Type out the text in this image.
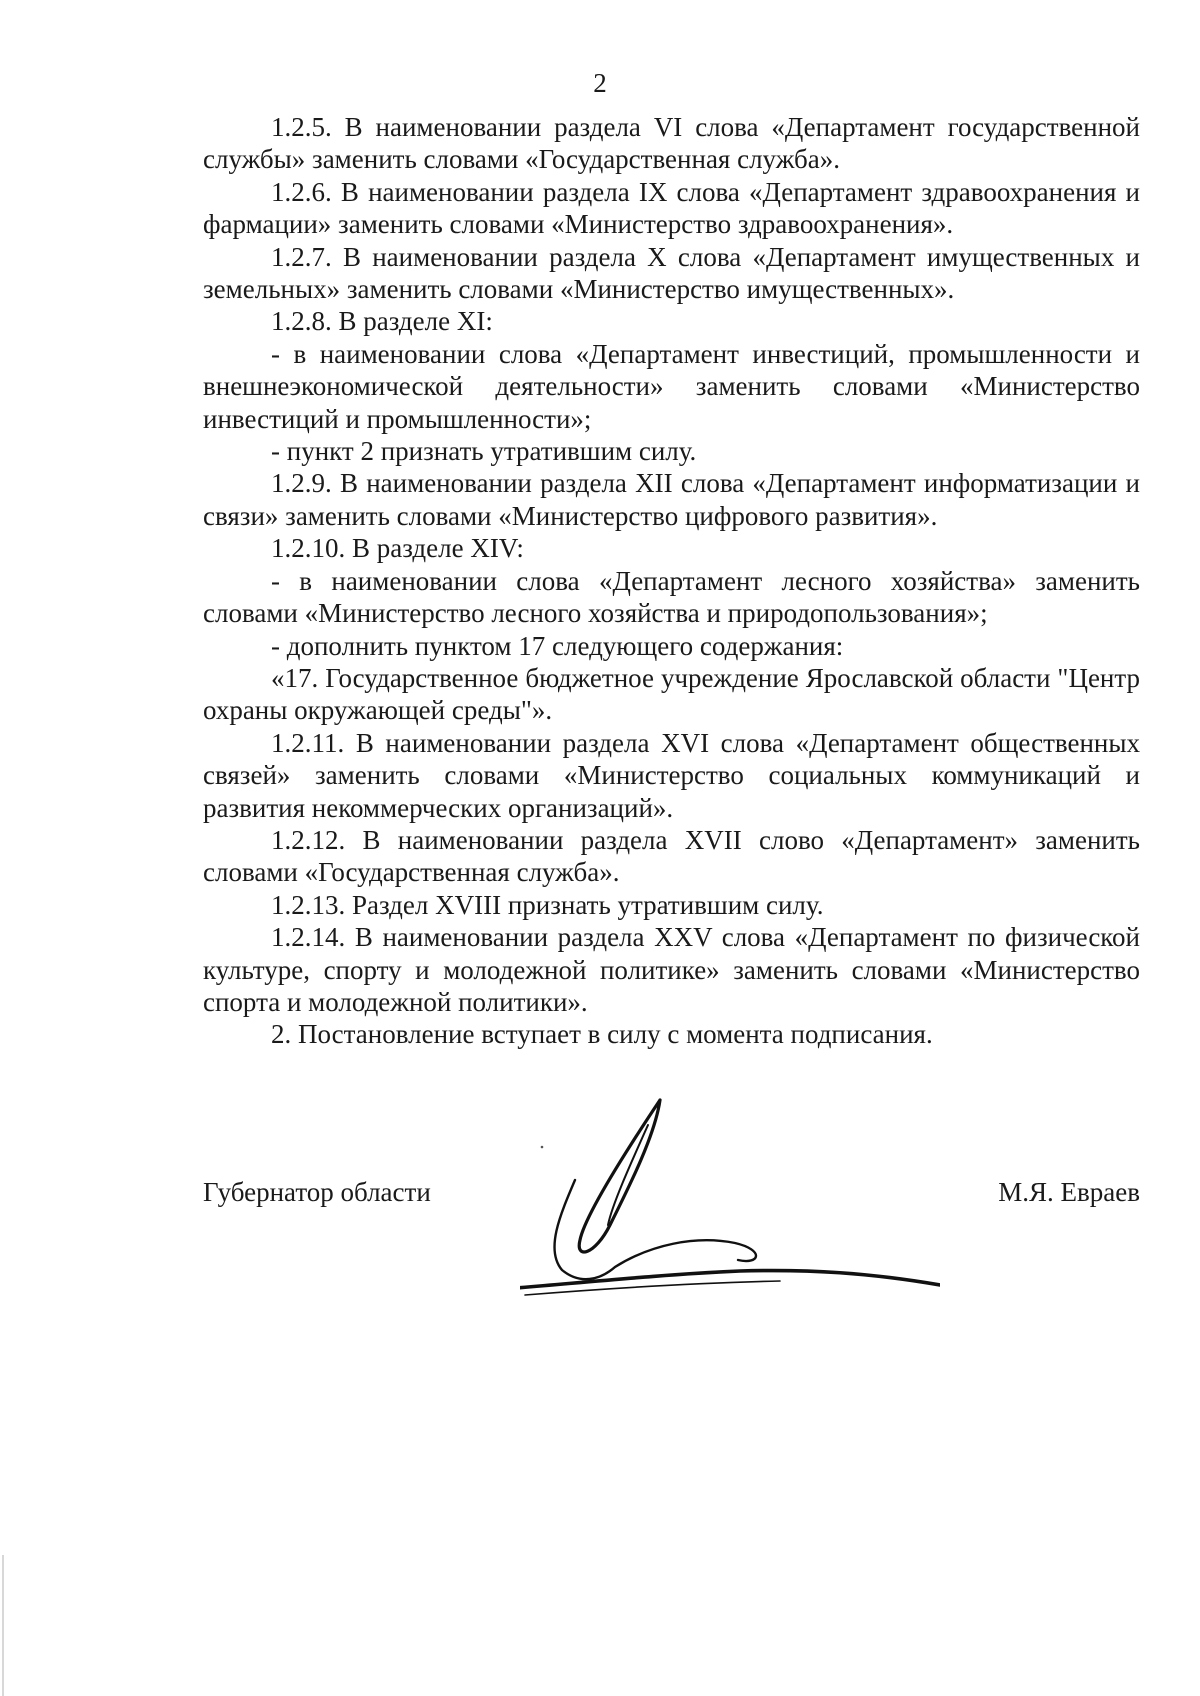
2

1.2.5. В наименовании раздела VI слова «Департамент государственной службы» заменить словами «Государственная служба».

1.2.6. В наименовании раздела IX слова «Департамент здравоохранения и фармации» заменить словами «Министерство здравоохранения».

1.2.7. В наименовании раздела X слова «Департамент имущественных и земельных» заменить словами «Министерство имущественных».

1.2.8. В разделе XI:

- в наименовании слова «Департамент инвестиций, промышленности и внешнеэкономической деятельности» заменить словами «Министерство инвестиций и промышленности»;

- пункт 2 признать утратившим силу.

1.2.9. В наименовании раздела XII слова «Департамент информатизации и связи» заменить словами «Министерство цифрового развития».

1.2.10. В разделе XIV:

- в наименовании слова «Департамент лесного хозяйства» заменить словами «Министерство лесного хозяйства и природопользования»;

- дополнить пунктом 17 следующего содержания:

«17. Государственное бюджетное учреждение Ярославской области "Центр охраны окружающей среды"».

1.2.11. В наименовании раздела XVI слова «Департамент общественных связей» заменить словами «Министерство социальных коммуникаций и развития некоммерческих организаций».

1.2.12. В наименовании раздела XVII слово «Департамент» заменить словами «Государственная служба».

1.2.13. Раздел XVIII признать утратившим силу.

1.2.14. В наименовании раздела XXV слова «Департамент по физической культуре, спорту и молодежной политике» заменить словами «Министерство спорта и молодежной политики».

2. Постановление вступает в силу с момента подписания.

Губернатор области	М.Я. Евраев
